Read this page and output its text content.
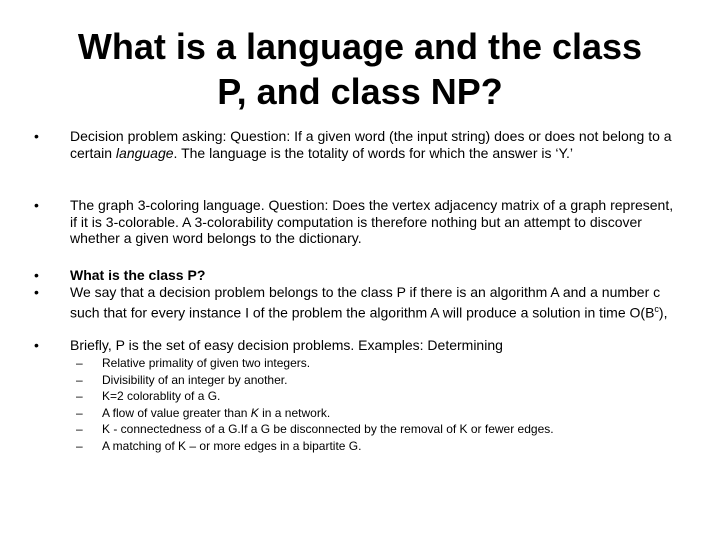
What is a language and the class
P, and class NP?
• Decision problem asking: Question: If a given word (the input string) does or does not belong to a certain language. The language is the totality of words for which the answer is ‘Y.’
• The graph 3-coloring language. Question: Does the vertex adjacency matrix of a graph represent, if it is 3-colorable. A 3-colorability computation is therefore nothing but an attempt to discover whether a given word belongs to the dictionary.
• What is the class P?
• We say that a decision problem belongs to the class P if there is an algorithm A and a number c such that for every instance I of the problem the algorithm A will produce a solution in time $O(B^c)$,
• Briefly, P is the set of easy decision problems. Examples: Determining
– Relative primality of given two integers.
– Divisibility of an integer by another.
– K=2 colorablity of a G.
– A flow of value greater than K in a network.
– K - connectedness of a G.If a G be disconnected by the removal of K or fewer edges.
– A matching of K – or more edges in a bipartite G.
